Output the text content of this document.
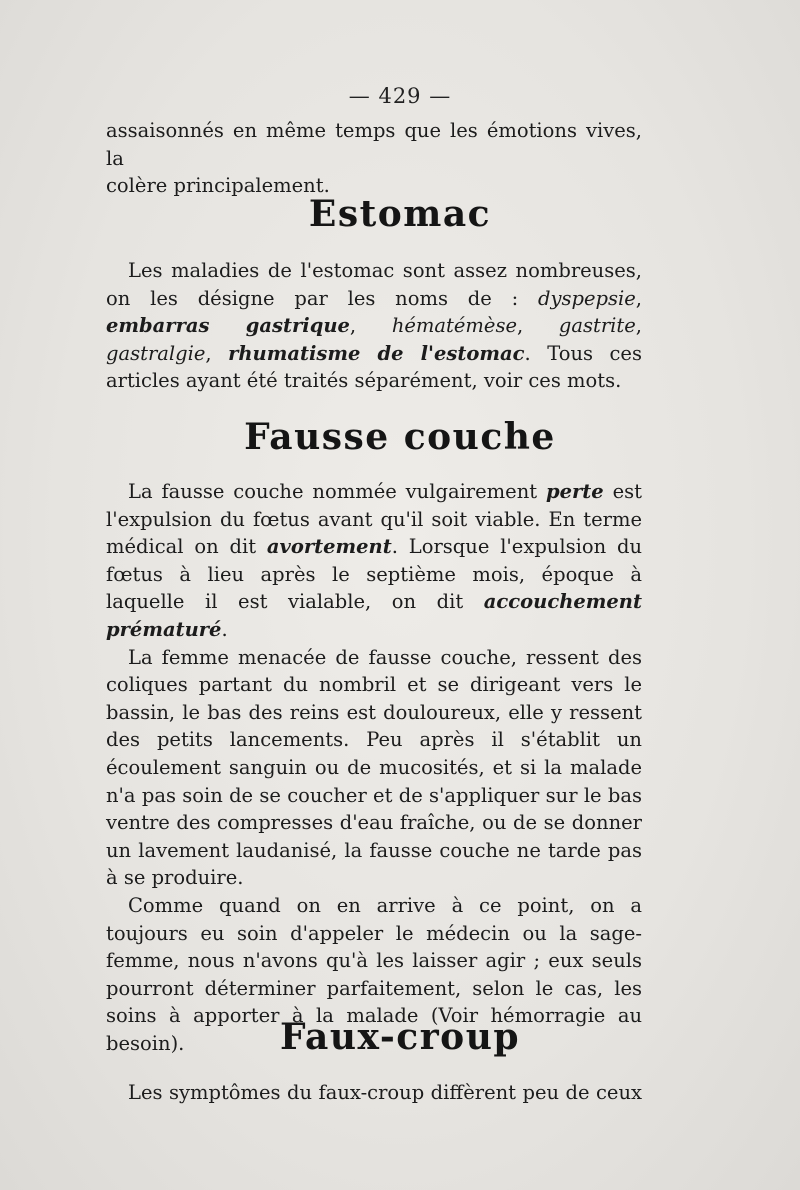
— 429 —

assaisonnés en même temps que les émotions vives, la

colère principalement.

Estomac

Les maladies de l'estomac sont assez nombreuses, on les désigne par les noms de : dyspepsie, embarras gastrique, hématémèse, gastrite, gastralgie, rhumatisme de l'estomac. Tous ces articles ayant été traités séparément, voir ces mots.

Fausse couche

La fausse couche nommée vulgairement perte est l'expulsion du fœtus avant qu'il soit viable. En terme médical on dit avortement. Lorsque l'expulsion du fœtus à lieu après le septième mois, époque à laquelle il est vialable, on dit accouchement prématuré.

La femme menacée de fausse couche, ressent des coliques partant du nombril et se dirigeant vers le bassin, le bas des reins est douloureux, elle y ressent des petits lancements. Peu après il s'établit un écoulement sanguin ou de mucosités, et si la malade n'a pas soin de se coucher et de s'appliquer sur le bas ventre des compresses d'eau fraîche, ou de se donner un lavement laudanisé, la fausse couche ne tarde pas à se produire.

Comme quand on en arrive à ce point, on a toujours eu soin d'appeler le médecin ou la sage-femme, nous n'avons qu'à les laisser agir ; eux seuls pourront déterminer parfaitement, selon le cas, les soins à apporter à la malade (Voir hémorragie au besoin).	Faux-croup

Les symptômes du faux-croup diffèrent peu de ceux
